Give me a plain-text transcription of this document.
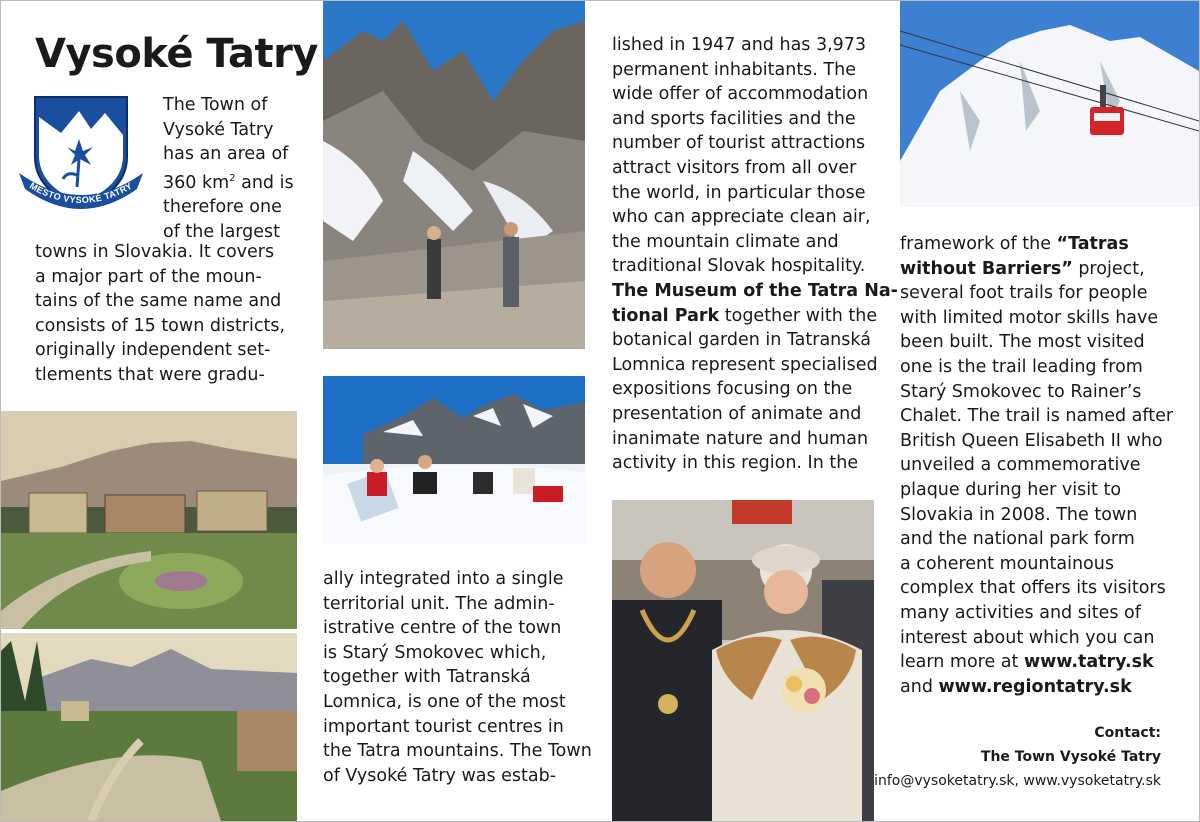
Vysoké Tatry
MESTO VYSOKÉ TATRY
The Town of
Vysoké Tatry
has an area of
360 $km^2$ and is
therefore one
of the largest
towns in Slovakia. It covers
a major part of the moun-
tains of the same name and
consists of 15 town districts,
originally independent set-
tlements that were gradu-
ally integrated into a single
territorial unit. The admin-
istrative centre of the town
is Starý Smokovec which,
together with Tatranská
Lomnica, is one of the most
important tourist centres in
the Tatra mountains. The Town
of Vysoké Tatry was estab-
lished in 1947 and has 3,973
permanent inhabitants. The
wide offer of accommodation
and sports facilities and the
number of tourist attractions
attract visitors from all over
the world, in particular those
who can appreciate clean air,
the mountain climate and
traditional Slovak hospitality.
The Museum of the Tatra Na-
tional Park together with the
botanical garden in Tatranská
Lomnica represent specialised
expositions focusing on the
presentation of animate and
inanimate nature and human
activity in this region. In the
framework of the “Tatras
without Barriers” project,
several foot trails for people
with limited motor skills have
been built. The most visited
one is the trail leading from
Starý Smokovec to Rainer’s
Chalet. The trail is named after
British Queen Elisabeth II who
unveiled a commemorative
plaque during her visit to
Slovakia in 2008. The town
and the national park form
a coherent mountainous
complex that offers its visitors
many activities and sites of
interest about which you can
learn more at www.tatry.sk
and www.regiontatry.sk
Contact:
The Town Vysoké Tatry
info@vysoketatry.sk, www.vysoketatry.sk
